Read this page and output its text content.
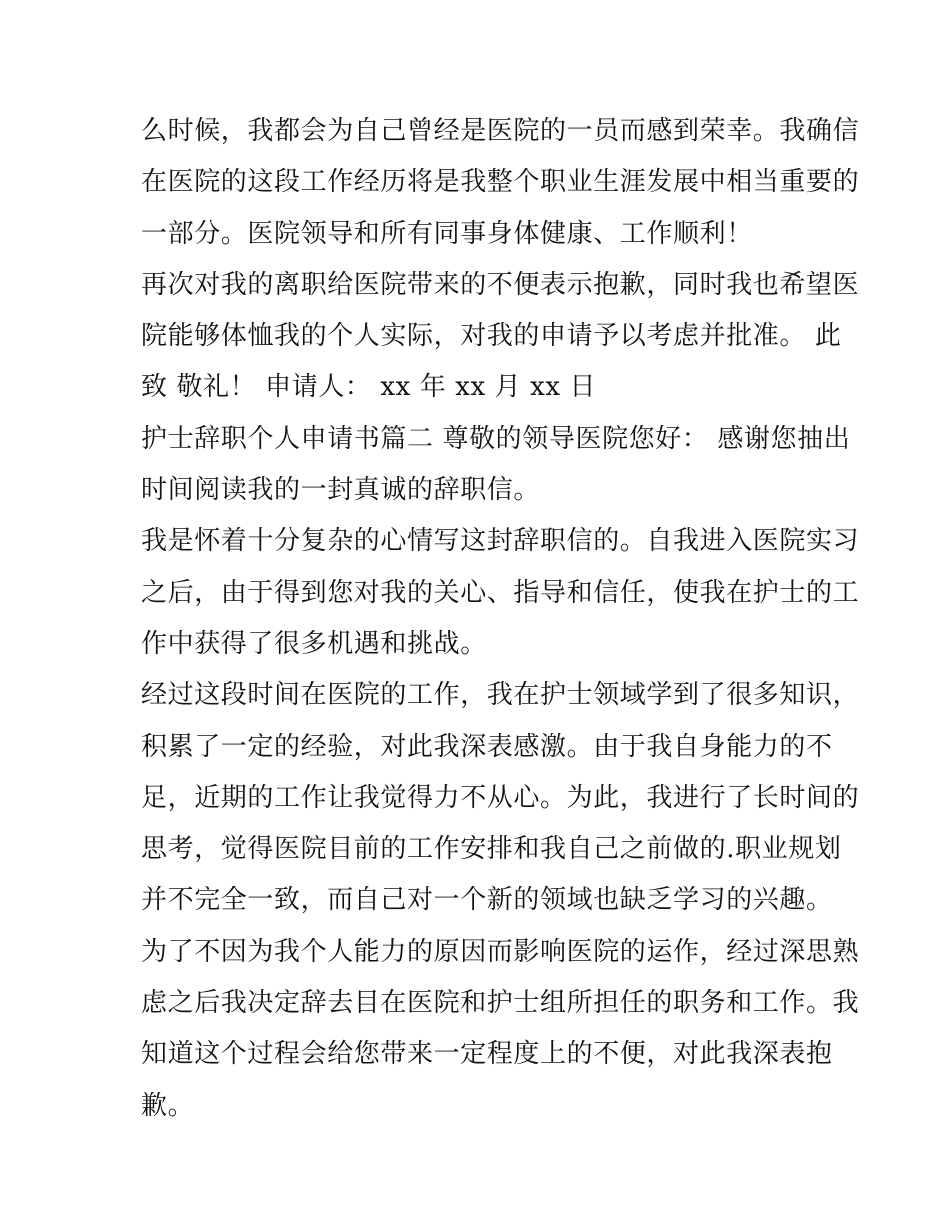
么时候，我都会为自己曾经是医院的一员而感到荣幸。我确信
在医院的这段工作经历将是我整个职业生涯发展中相当重要的
一部分。医院领导和所有同事身体健康、工作顺利！
再次对我的离职给医院带来的不便表示抱歉，同时我也希望医
院能够体恤我的个人实际，对我的申请予以考虑并批准。 此
致 敬礼！ 申请人： xx 年 xx 月 xx 日
护士辞职个人申请书篇二 尊敬的领导医院您好： 感谢您抽出
时间阅读我的一封真诚的辞职信。
我是怀着十分复杂的心情写这封辞职信的。自我进入医院实习
之后，由于得到您对我的关心、指导和信任，使我在护士的工
作中获得了很多机遇和挑战。
经过这段时间在医院的工作，我在护士领域学到了很多知识，
积累了一定的经验，对此我深表感激。由于我自身能力的不
足，近期的工作让我觉得力不从心。为此，我进行了长时间的
思考，觉得医院目前的工作安排和我自己之前做的.职业规划
并不完全一致，而自己对一个新的领域也缺乏学习的兴趣。
为了不因为我个人能力的原因而影响医院的运作，经过深思熟
虑之后我决定辞去目在医院和护士组所担任的职务和工作。我
知道这个过程会给您带来一定程度上的不便，对此我深表抱
歉。
